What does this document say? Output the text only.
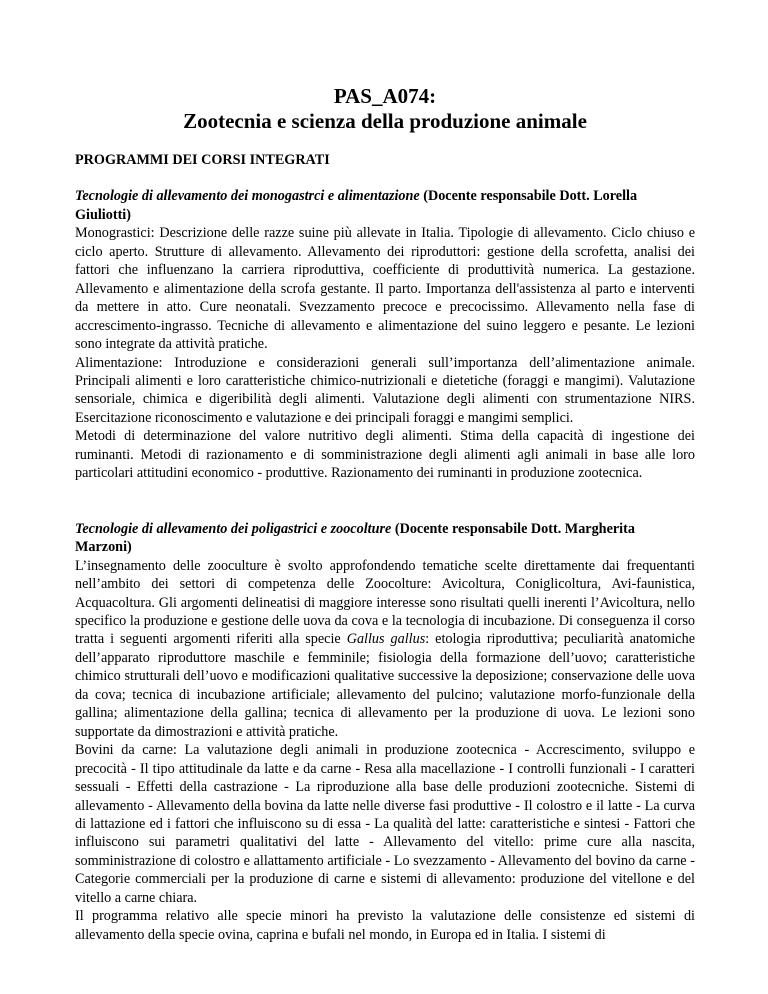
PAS_A074:
Zootecnia e scienza della produzione animale
PROGRAMMI DEI CORSI INTEGRATI
Tecnologie di allevamento dei monogastrci e alimentazione (Docente responsabile Dott. Lorella Giuliotti)

Monograstici: Descrizione delle razze suine più allevate in Italia. Tipologie di allevamento. Ciclo chiuso e ciclo aperto. Strutture di allevamento. Allevamento dei riproduttori: gestione della scrofetta, analisi dei fattori che influenzano la carriera riproduttiva, coefficiente di produttività numerica. La gestazione. Allevamento e alimentazione della scrofa gestante. Il parto. Importanza dell'assistenza al parto e interventi da mettere in atto. Cure neonatali. Svezzamento precoce e precocissimo. Allevamento nella fase di accrescimento-ingrasso. Tecniche di allevamento e alimentazione del suino leggero e pesante. Le lezioni sono integrate da attività pratiche.

Alimentazione: Introduzione e considerazioni generali sull’importanza dell’alimentazione animale. Principali alimenti e loro caratteristiche chimico-nutrizionali e dietetiche (foraggi e mangimi). Valutazione sensoriale, chimica e digeribilità degli alimenti. Valutazione degli alimenti con strumentazione NIRS. Esercitazione riconoscimento e valutazione e dei principali foraggi e mangimi semplici.

Metodi di determinazione del valore nutritivo degli alimenti. Stima della capacità di ingestione dei ruminanti. Metodi di razionamento e di somministrazione degli alimenti agli animali in base alle loro particolari attitudini economico - produttive. Razionamento dei ruminanti in produzione zootecnica.

Tecnologie di allevamento dei poligastrici e zoocolture (Docente responsabile Dott. Margherita Marzoni)

L’insegnamento delle zooculture è svolto approfondendo tematiche scelte direttamente dai frequentanti nell’ambito dei settori di competenza delle Zoocolture: Avicoltura, Coniglicoltura, Avi-faunistica, Acquacoltura. Gli argomenti delineatisi di maggiore interesse sono risultati quelli inerenti l’Avicoltura, nello specifico la produzione e gestione delle uova da cova e la tecnologia di incubazione. Di conseguenza il corso tratta i seguenti argomenti riferiti alla specie Gallus gallus: etologia riproduttiva; peculiarità anatomiche dell’apparato riproduttore maschile e femminile; fisiologia della formazione dell’uovo; caratteristiche chimico strutturali dell’uovo e modificazioni qualitative successive la deposizione; conservazione delle uova da cova; tecnica di incubazione artificiale; allevamento del pulcino; valutazione morfo-funzionale della gallina; alimentazione della gallina; tecnica di allevamento per la produzione di uova. Le lezioni sono supportate da dimostrazioni e attività pratiche.

Bovini da carne: La valutazione degli animali in produzione zootecnica - Accrescimento, sviluppo e precocità - Il tipo attitudinale da latte e da carne - Resa alla macellazione - I controlli funzionali - I caratteri sessuali - Effetti della castrazione - La riproduzione alla base delle produzioni zootecniche. Sistemi di allevamento - Allevamento della bovina da latte nelle diverse fasi produttive - Il colostro e il latte - La curva di lattazione ed i fattori che influiscono su di essa - La qualità del latte: caratteristiche e sintesi - Fattori che influiscono sui parametri qualitativi del latte - Allevamento del vitello: prime cure alla nascita, somministrazione di colostro e allattamento artificiale - Lo svezzamento - Allevamento del bovino da carne - Categorie commerciali per la produzione di carne e sistemi di allevamento: produzione del vitellone e del vitello a carne chiara.

Il programma relativo alle specie minori ha previsto la valutazione delle consistenze ed sistemi di allevamento della specie ovina, caprina e bufali nel mondo, in Europa ed in Italia. I sistemi di
